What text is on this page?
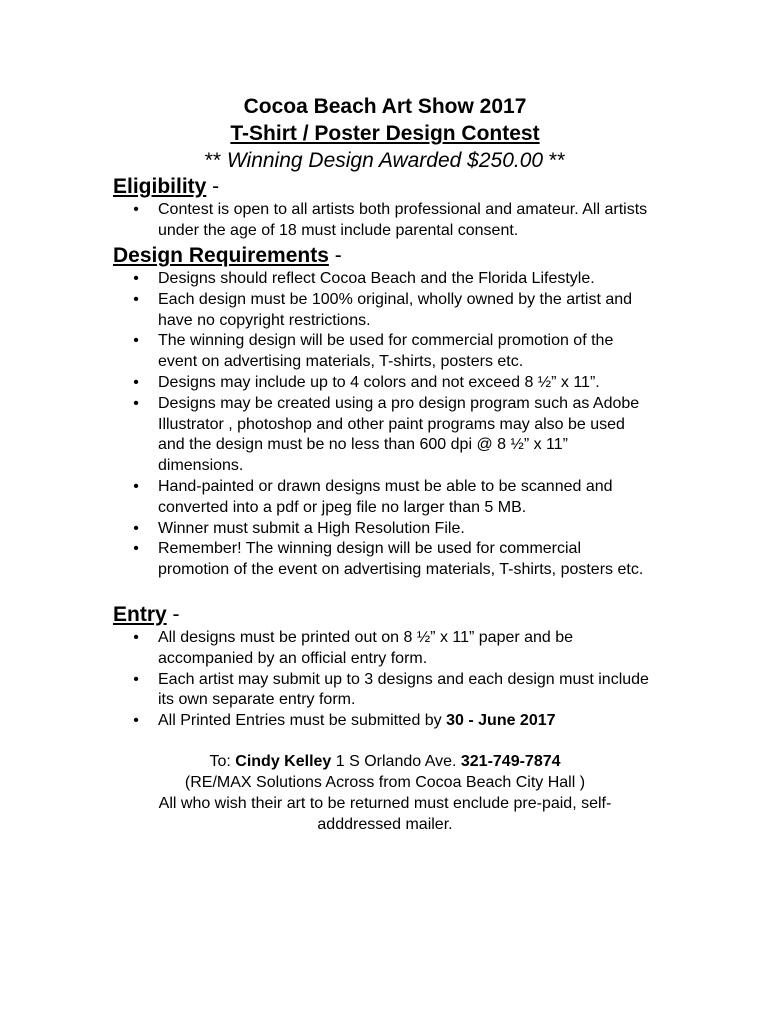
Cocoa Beach Art Show 2017
T-Shirt / Poster Design Contest
** Winning Design Awarded $250.00 **
Eligibility -
• Contest is open to all artists both professional and amateur. All artists under the age of 18 must include parental consent.
Design Requirements -
• Designs should reflect Cocoa Beach and the Florida Lifestyle.
• Each design must be 100% original, wholly owned by the artist and have no copyright restrictions.
• The winning design will be used for commercial promotion of the event on advertising materials, T-shirts, posters etc.
• Designs may include up to 4 colors and not exceed 8 ½” x 11”.
• Designs may be created using a pro design program such as Adobe Illustrator , photoshop and other paint programs may also be used and the design must be no less than 600 dpi @ 8 ½” x 11” dimensions.
• Hand-painted or drawn designs must be able to be scanned and converted into a pdf or jpeg file no larger than 5 MB.
• Winner must submit a High Resolution File.
• Remember! The winning design will be used for commercial promotion of the event on advertising materials, T-shirts, posters etc.
Entry -
• All designs must be printed out on 8 ½” x 11” paper and be accompanied by an official entry form.
• Each artist may submit up to 3 designs and each design must include its own separate entry form.
• All Printed Entries must be submitted by 30 - June 2017
To: Cindy Kelley 1 S Orlando Ave. 321-749-7874
(RE/MAX Solutions Across from Cocoa Beach City Hall )
All who wish their art to be returned must enclude pre-paid, self-adddressed mailer.
